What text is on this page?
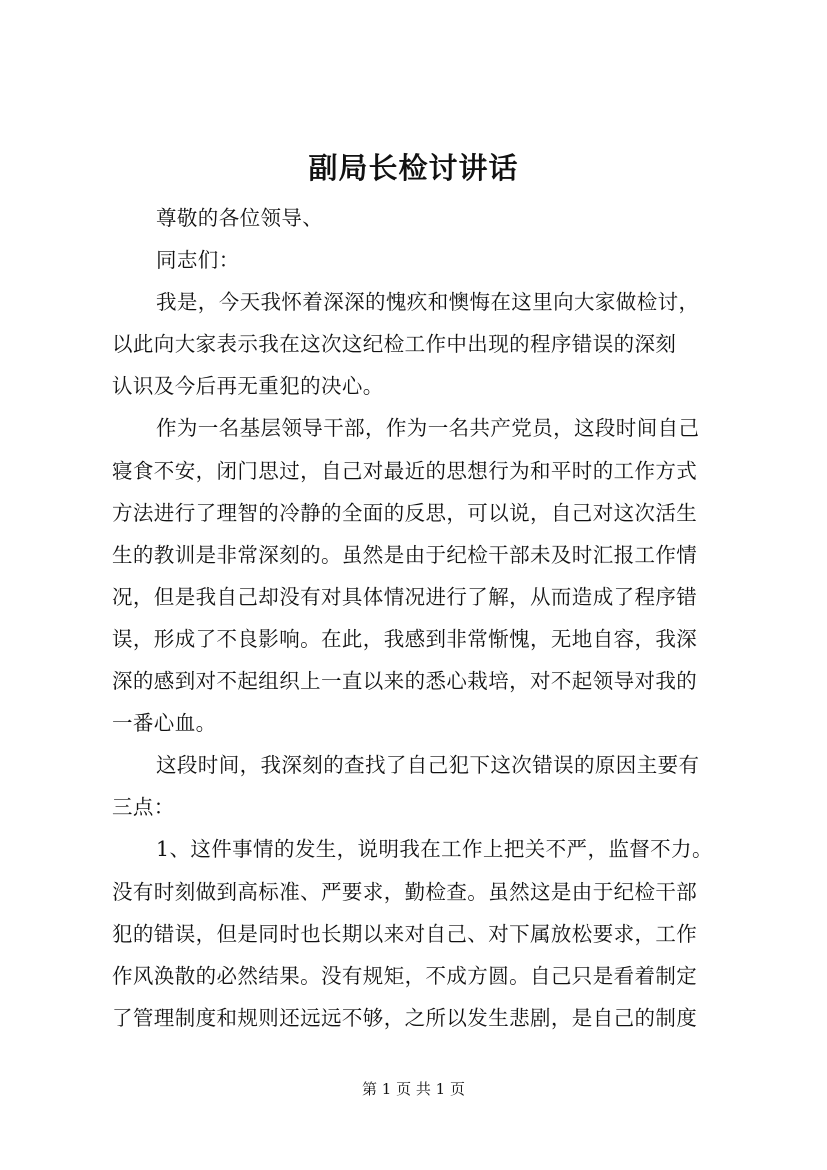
副局长检讨讲话
尊敬的各位领导、
同志们：
我是，今天我怀着深深的愧疚和懊悔在这里向大家做检讨，
以此向大家表示我在这次这纪检工作中出现的程序错误的深刻
认识及今后再无重犯的决心。
作为一名基层领导干部，作为一名共产党员，这段时间自己
寝食不安，闭门思过，自己对最近的思想行为和平时的工作方式
方法进行了理智的冷静的全面的反思，可以说，自己对这次活生
生的教训是非常深刻的。虽然是由于纪检干部未及时汇报工作情
况，但是我自己却没有对具体情况进行了解，从而造成了程序错
误，形成了不良影响。在此，我感到非常惭愧，无地自容，我深
深的感到对不起组织上一直以来的悉心栽培，对不起领导对我的
一番心血。
这段时间，我深刻的查找了自己犯下这次错误的原因主要有
三点：
1、这件事情的发生，说明我在工作上把关不严，监督不力。
没有时刻做到高标准、严要求，勤检查。虽然这是由于纪检干部
犯的错误，但是同时也长期以来对自己、对下属放松要求，工作
作风涣散的必然结果。没有规矩，不成方圆。自己只是看着制定
了管理制度和规则还远远不够，之所以发生悲剧，是自己的制度
第 1 页 共 1 页
